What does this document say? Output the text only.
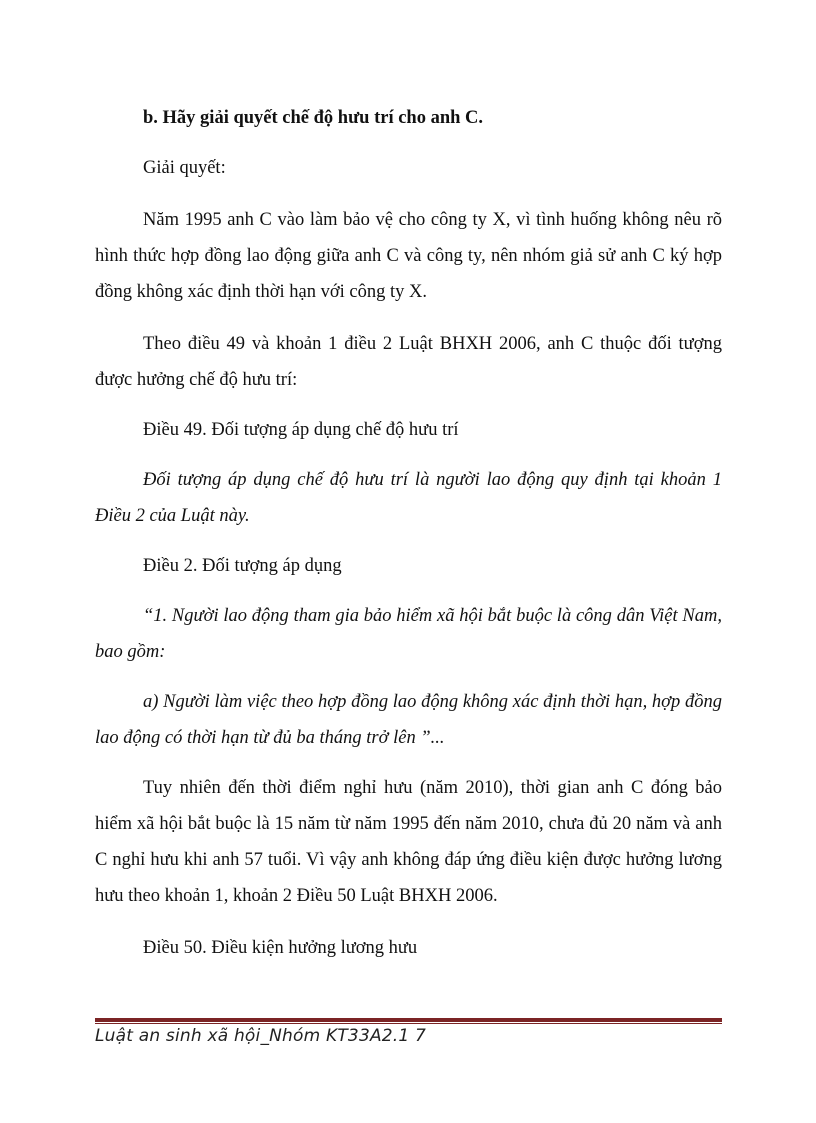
b. Hãy giải quyết chế độ hưu trí cho anh C.

Giải quyết:

Năm 1995 anh C vào làm bảo vệ cho công ty X, vì tình huống không nêu rõ hình thức hợp đồng lao động giữa anh C và công ty, nên nhóm giả sử anh C ký hợp đồng không xác định thời hạn với công ty X.

Theo điều 49 và khoản 1 điều 2 Luật BHXH 2006, anh C thuộc đối tượng được hưởng chế độ hưu trí:

Điều 49. Đối tượng áp dụng chế độ hưu trí

Đối tượng áp dụng chế độ hưu trí là người lao động quy định tại khoản 1 Điều 2 của Luật này.

Điều 2. Đối tượng áp dụng

“1. Người lao động tham gia bảo hiểm xã hội bắt buộc là công dân Việt Nam, bao gồm:

a) Người làm việc theo hợp đồng lao động không xác định thời hạn, hợp đồng lao động có thời hạn từ đủ ba tháng trở lên ”...

Tuy nhiên đến thời điểm nghỉ hưu (năm 2010), thời gian anh C đóng bảo hiểm xã hội bắt buộc là 15 năm từ năm 1995 đến năm 2010, chưa đủ 20 năm và anh C nghỉ hưu khi anh 57 tuổi. Vì vậy anh không đáp ứng điều kiện được hưởng lương hưu theo khoản 1, khoản 2 Điều 50 Luật BHXH 2006.

Điều 50. Điều kiện hưởng lương hưu

Luật an sinh xã hội_Nhóm KT33A2.1 7
